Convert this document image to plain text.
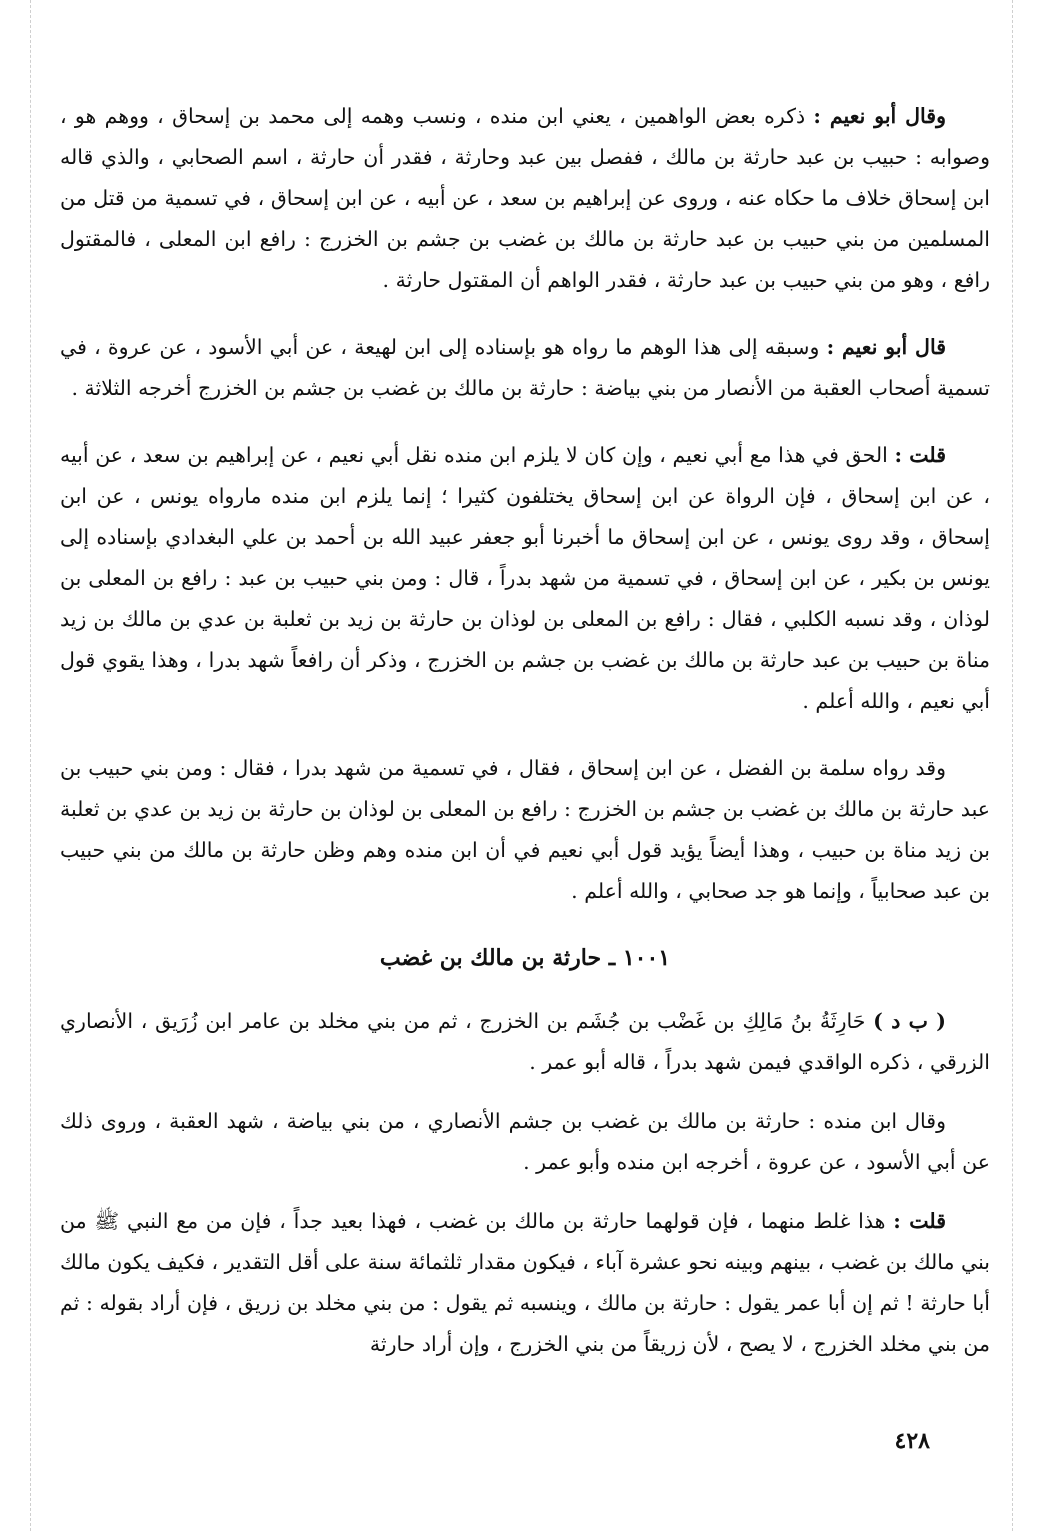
وقال أبو نعيم : ذكره بعض الواهمين ، يعني ابن منده ، ونسب وهمه إلى محمد بن إسحاق ، ووهم هو ، وصوابه : حبيب بن عبد حارثة بن مالك ، ففصل بين عبد وحارثة ، فقدر أن حارثة ، اسم الصحابي ، والذي قاله ابن إسحاق خلاف ما حكاه عنه ، وروى عن إبراهيم بن سعد ، عن أبيه ، عن ابن إسحاق ، في تسمية من قتل من المسلمين من بني حبيب بن عبد حارثة بن مالك بن غضب بن جشم بن الخزرج : رافع ابن المعلى ، فالمقتول رافع ، وهو من بني حبيب بن عبد حارثة ، فقدر الواهم أن المقتول حارثة .

قال أبو نعيم : وسبقه إلى هذا الوهم ما رواه هو بإسناده إلى ابن لهيعة ، عن أبي الأسود ، عن عروة ، في تسمية أصحاب العقبة من الأنصار من بني بياضة : حارثة بن مالك بن غضب بن جشم بن الخزرج أخرجه الثلاثة .

قلت : الحق في هذا مع أبي نعيم ، وإن كان لا يلزم ابن منده نقل أبي نعيم ، عن إبراهيم بن سعد ، عن أبيه ، عن ابن إسحاق ، فإن الرواة عن ابن إسحاق يختلفون كثيرا ؛ إنما يلزم ابن منده مارواه يونس ، عن ابن إسحاق ، وقد روى يونس ، عن ابن إسحاق ما أخبرنا أبو جعفر عبيد الله بن أحمد بن علي البغدادي بإسناده إلى يونس بن بكير ، عن ابن إسحاق ، في تسمية من شهد بدراً ، قال : ومن بني حبيب بن عبد : رافع بن المعلى بن لوذان ، وقد نسبه الكلبي ، فقال : رافع بن المعلى بن لوذان بن حارثة بن زيد بن ثعلبة بن عدي بن مالك بن زيد مناة بن حبيب بن عبد حارثة بن مالك بن غضب بن جشم بن الخزرج ، وذكر أن رافعاً شهد بدرا ، وهذا يقوي قول أبي نعيم ، والله أعلم .

وقد رواه سلمة بن الفضل ، عن ابن إسحاق ، فقال ، في تسمية من شهد بدرا ، فقال : ومن بني حبيب بن عبد حارثة بن مالك بن غضب بن جشم بن الخزرج : رافع بن المعلى بن لوذان بن حارثة بن زيد بن عدي بن ثعلبة بن زيد مناة بن حبيب ، وهذا أيضاً يؤيد قول أبي نعيم في أن ابن منده وهم وظن حارثة بن مالك من بني حبيب بن عبد صحابياً ، وإنما هو جد صحابي ، والله أعلم .

١٠٠١ ـ حارثة بن مالك بن غضب

( ب د ) حَارِثَةُ بنُ مَالِكِ بن غَضْب بن جُشَم بن الخزرج ، ثم من بني مخلد بن عامر ابن زُرَيق ، الأنصاري الزرقي ، ذكره الواقدي فيمن شهد بدراً ، قاله أبو عمر .

وقال ابن منده : حارثة بن مالك بن غضب بن جشم الأنصاري ، من بني بياضة ، شهد العقبة ، وروى ذلك عن أبي الأسود ، عن عروة ، أخرجه ابن منده وأبو عمر .

قلت : هذا غلط منهما ، فإن قولهما حارثة بن مالك بن غضب ، فهذا بعيد جداً ، فإن من مع النبي ﷺ من بني مالك بن غضب ، بينهم وبينه نحو عشرة آباء ، فيكون مقدار ثلثمائة سنة على أقل التقدير ، فكيف يكون مالك أبا حارثة ! ثم إن أبا عمر يقول : حارثة بن مالك ، وينسبه ثم يقول : من بني مخلد بن زريق ، فإن أراد بقوله : ثم من بني مخلد الخزرج ، لا يصح ، لأن زريقاً من بني الخزرج ، وإن أراد حارثة

٤٢٨
